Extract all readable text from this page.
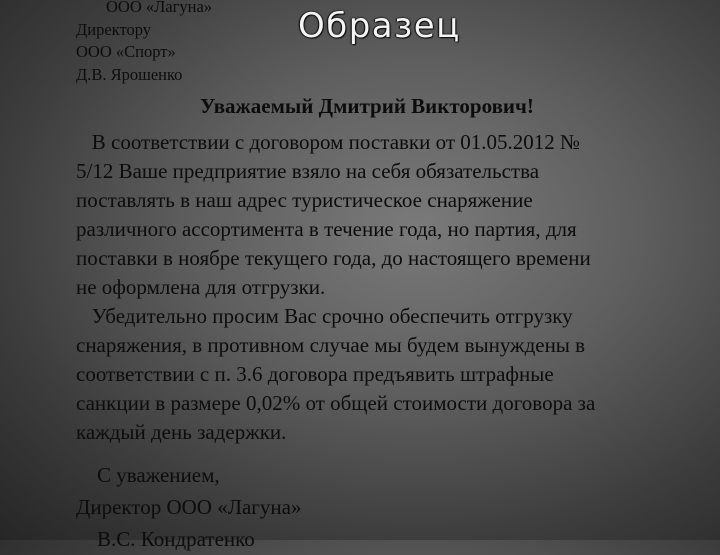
ООО «Лагуна»
Директору
ООО «Спорт»
Д.В. Ярошенко
Образец
Уважаемый Дмитрий Викторович!
В соответствии с договором поставки от 01.05.2012 №
5/12 Ваше предприятие взяло на себя обязательства
поставлять в наш адрес туристическое снаряжение
различного ассортимента в течение года, но партия, для
поставки в ноябре текущего года, до настоящего времени
не оформлена для отгрузки.
Убедительно просим Вас срочно обеспечить отгрузку
снаряжения, в противном случае мы будем вынуждены в
соответствии с п. 3.6 договора предъявить штрафные
санкции в размере 0,02% от общей стоимости договора за
каждый день задержки.
С уважением,
Директор ООО «Лагуна»
В.С. Кондратенко
